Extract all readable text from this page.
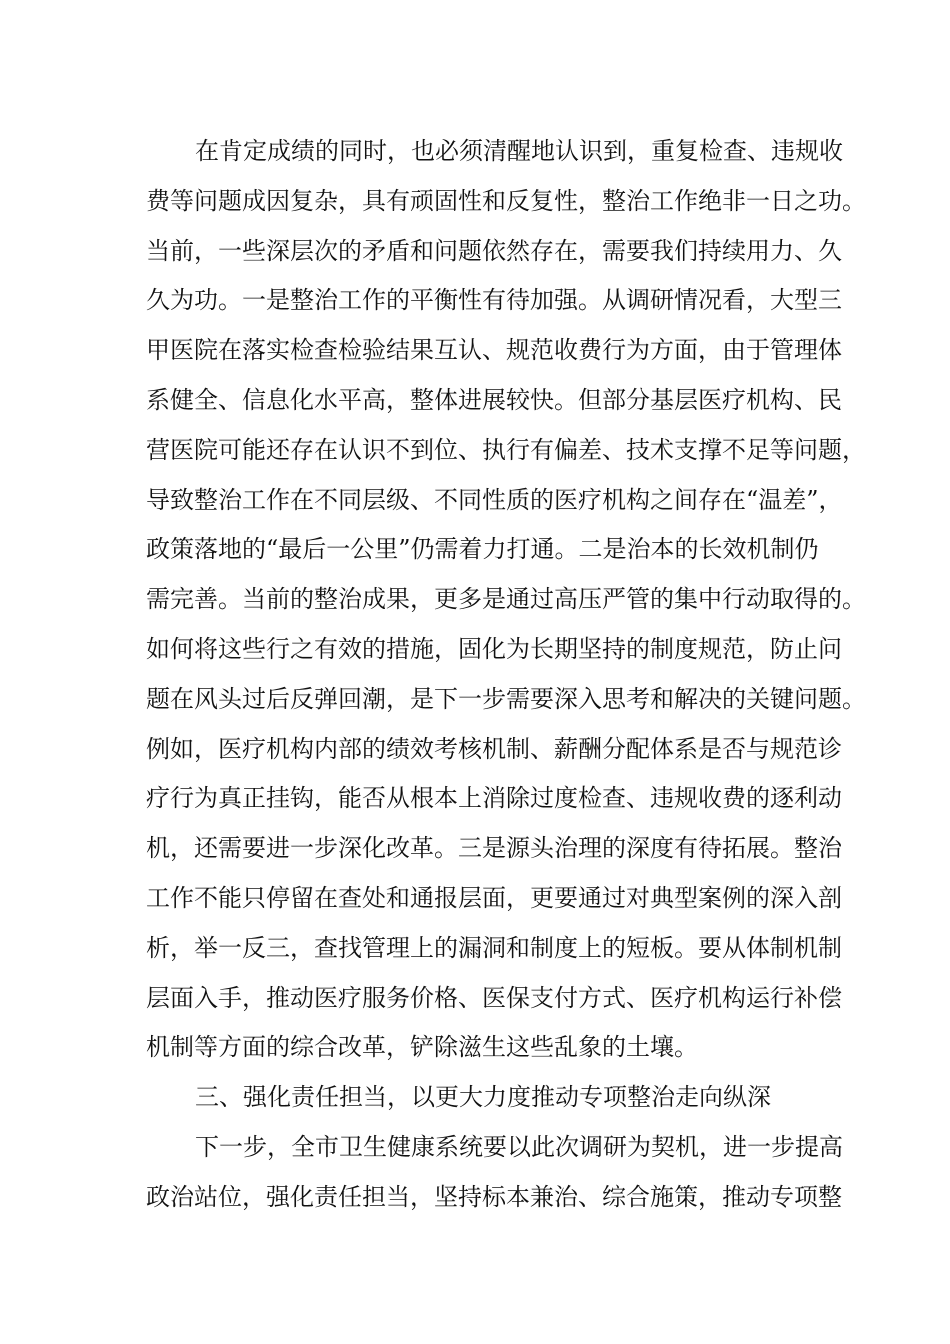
在肯定成绩的同时，也必须清醒地认识到，重复检查、违规收
费等问题成因复杂，具有顽固性和反复性，整治工作绝非一日之功。
当前，一些深层次的矛盾和问题依然存在，需要我们持续用力、久
久为功。一是整治工作的平衡性有待加强。从调研情况看，大型三
甲医院在落实检查检验结果互认、规范收费行为方面，由于管理体
系健全、信息化水平高，整体进展较快。但部分基层医疗机构、民
营医院可能还存在认识不到位、执行有偏差、技术支撑不足等问题，
导致整治工作在不同层级、不同性质的医疗机构之间存在“温差”，
政策落地的“最后一公里”仍需着力打通。二是治本的长效机制仍
需完善。当前的整治成果，更多是通过高压严管的集中行动取得的。
如何将这些行之有效的措施，固化为长期坚持的制度规范，防止问
题在风头过后反弹回潮，是下一步需要深入思考和解决的关键问题。
例如，医疗机构内部的绩效考核机制、薪酬分配体系是否与规范诊
疗行为真正挂钩，能否从根本上消除过度检查、违规收费的逐利动
机，还需要进一步深化改革。三是源头治理的深度有待拓展。整治
工作不能只停留在查处和通报层面，更要通过对典型案例的深入剖
析，举一反三，查找管理上的漏洞和制度上的短板。要从体制机制
层面入手，推动医疗服务价格、医保支付方式、医疗机构运行补偿
机制等方面的综合改革，铲除滋生这些乱象的土壤。
三、强化责任担当，以更大力度推动专项整治走向纵深
下一步，全市卫生健康系统要以此次调研为契机，进一步提高
政治站位，强化责任担当，坚持标本兼治、综合施策，推动专项整
